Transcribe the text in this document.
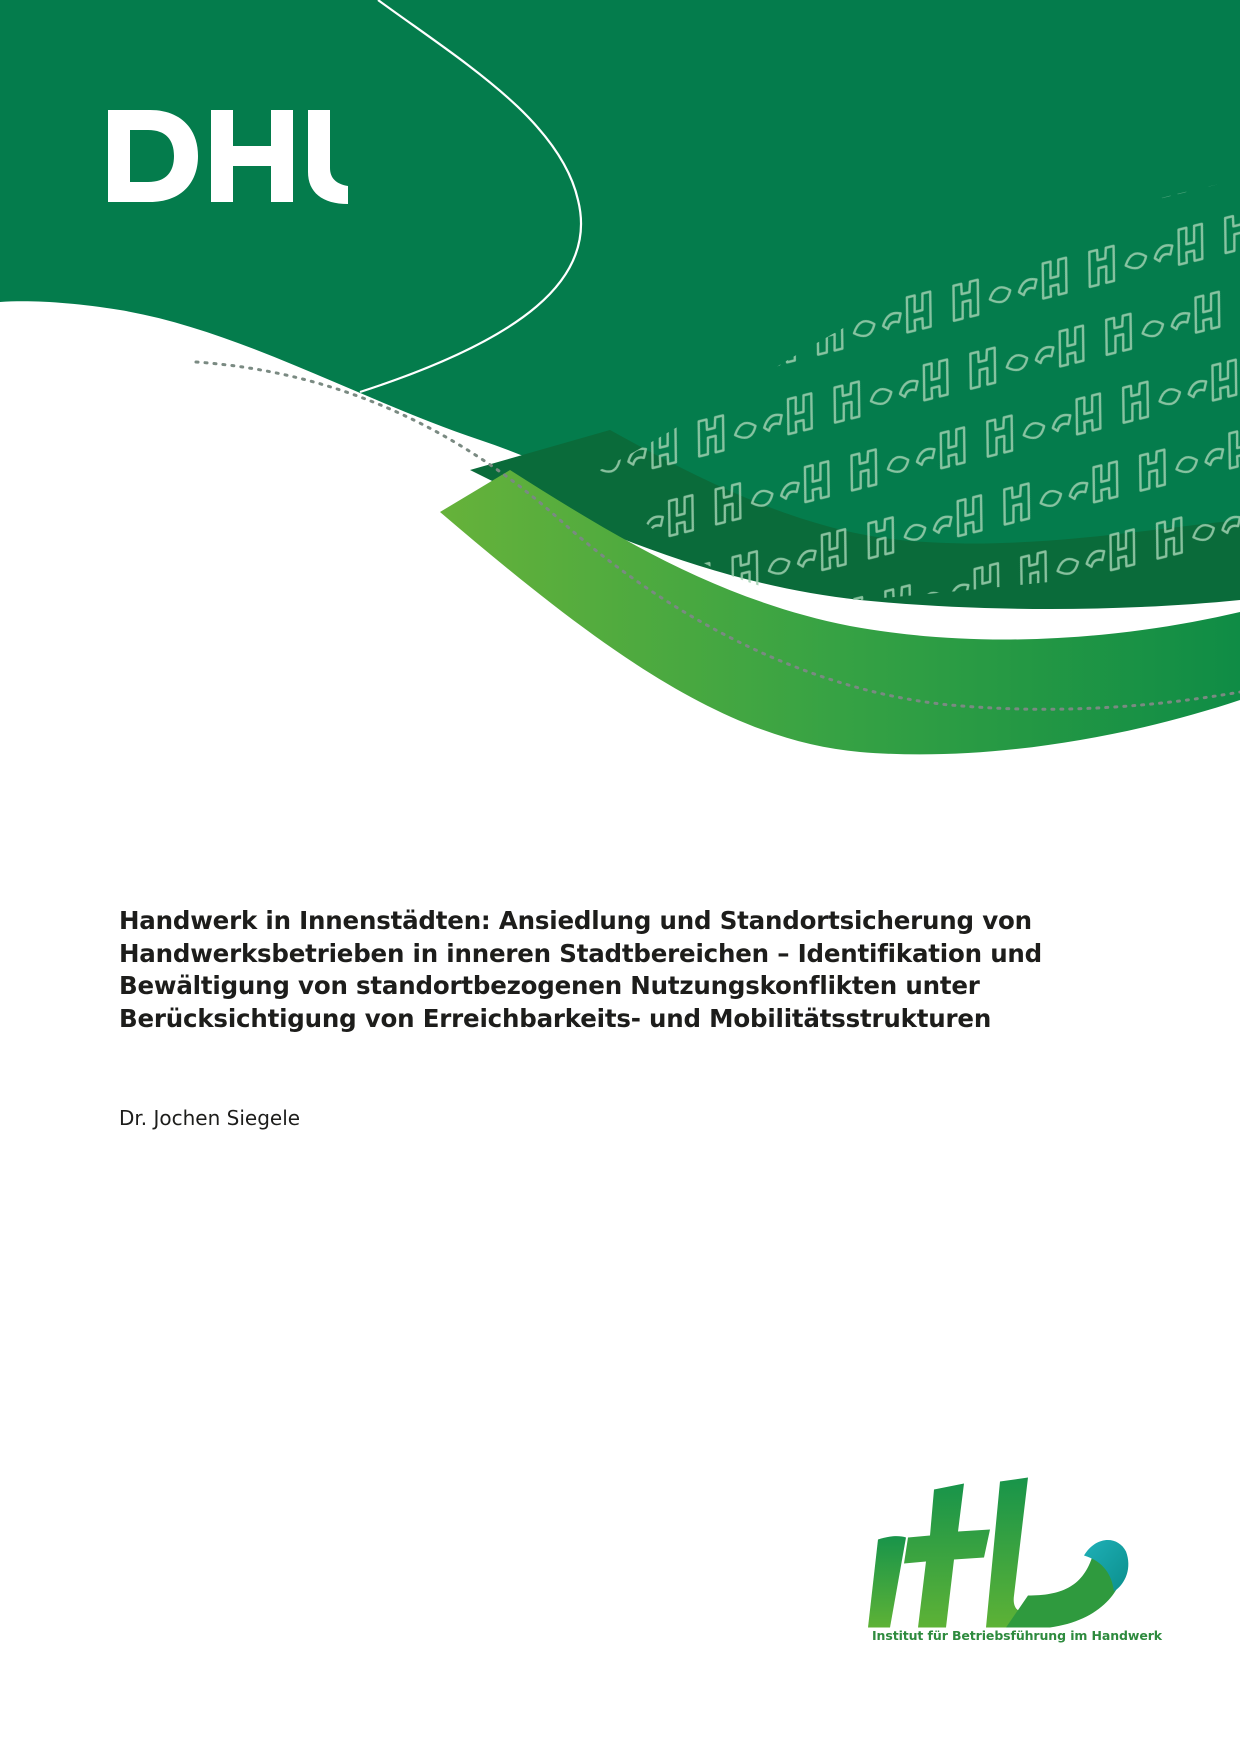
Handwerk in Innenstädten: Ansiedlung und Standortsicherung von
Handwerksbetrieben in inneren Stadtbereichen – Identifikation und
Bewältigung von standortbezogenen Nutzungskonflikten unter
Berücksichtigung von Erreichbarkeits- und Mobilitätsstrukturen

Dr. Jochen Siegele

Institut für Betriebsführung im Handwerk
